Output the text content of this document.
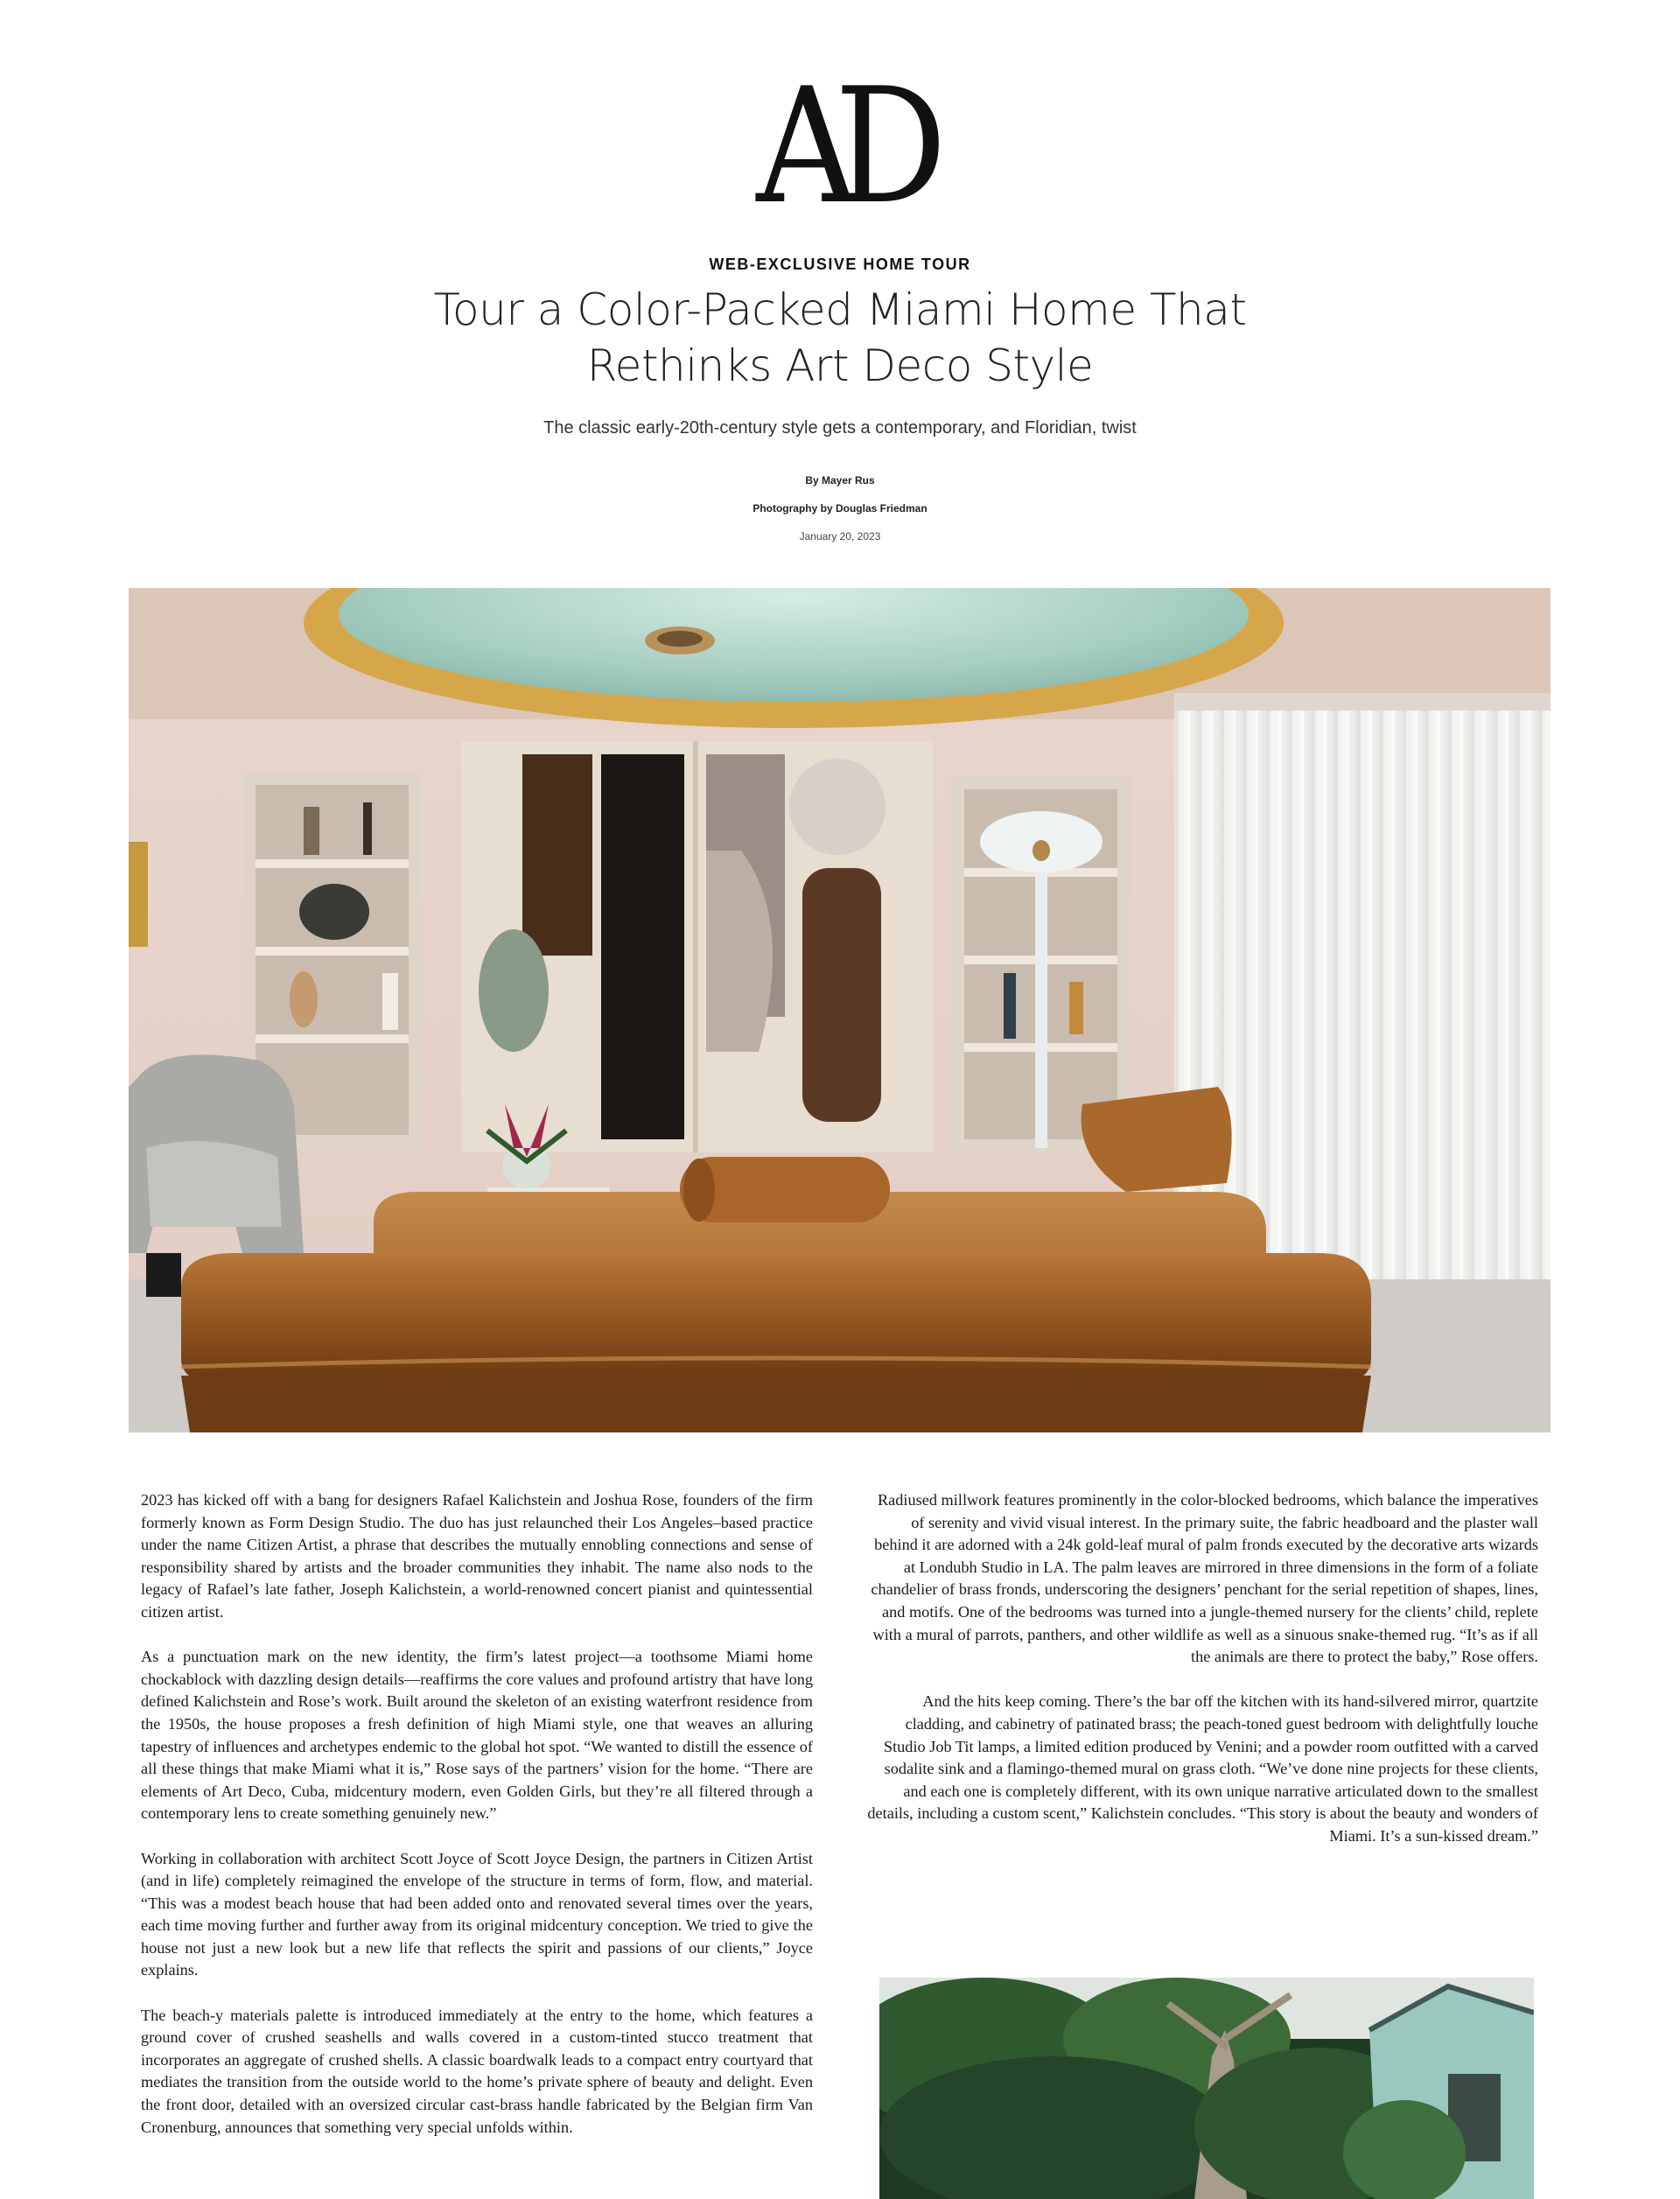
AD
WEB-EXCLUSIVE HOME TOUR
Tour a Color-Packed Miami Home That Rethinks Art Deco Style
The classic early-20th-century style gets a contemporary, and Floridian, twist
By Mayer Rus
Photography by Douglas Friedman
January 20, 2023

2023 has kicked off with a bang for designers Rafael Kalichstein and Joshua Rose, founders of the firm formerly known as Form Design Studio. The duo has just relaunched their Los Angeles–based practice under the name Citizen Artist, a phrase that describes the mutually ennobling connections and sense of responsibility shared by artists and the broader communities they inhabit. The name also nods to the legacy of Rafael’s late father, Joseph Kalichstein, a world-renowned concert pianist and quintessential citizen artist.

As a punctuation mark on the new identity, the firm’s latest project—a toothsome Miami home chockablock with dazzling design details—reaffirms the core values and profound artistry that have long defined Kalichstein and Rose’s work. Built around the skeleton of an existing waterfront residence from the 1950s, the house proposes a fresh definition of high Miami style, one that weaves an alluring tapestry of influences and archetypes endemic to the global hot spot. “We wanted to distill the essence of all these things that make Miami what it is,” Rose says of the partners’ vision for the home. “There are elements of Art Deco, Cuba, midcentury modern, even Golden Girls, but they’re all filtered through a contemporary lens to create something genuinely new.”

Working in collaboration with architect Scott Joyce of Scott Joyce Design, the partners in Citizen Artist (and in life) completely reimagined the envelope of the structure in terms of form, flow, and material. “This was a modest beach house that had been added onto and renovated several times over the years, each time moving further and further away from its original midcentury conception. We tried to give the house not just a new look but a new life that reflects the spirit and passions of our clients,” Joyce explains.

The beach-y materials palette is introduced immediately at the entry to the home, which features a ground cover of crushed seashells and walls covered in a custom-tinted stucco treatment that incorporates an aggregate of crushed shells. A classic boardwalk leads to a compact entry courtyard that mediates the transition from the outside world to the home’s private sphere of beauty and delight. Even the front door, detailed with an oversized circular cast-brass handle fabricated by the Belgian firm Van Cronenburg, announces that something very special unfolds within.

Radiused millwork features prominently in the color-blocked bedrooms, which balance the imperatives of serenity and vivid visual interest. In the primary suite, the fabric headboard and the plaster wall behind it are adorned with a 24k gold-leaf mural of palm fronds executed by the decorative arts wizards at Londubh Studio in LA. The palm leaves are mirrored in three dimensions in the form of a foliate chandelier of brass fronds, underscoring the designers’ penchant for the serial repetition of shapes, lines, and motifs. One of the bedrooms was turned into a jungle-themed nursery for the clients’ child, replete with a mural of parrots, panthers, and other wildlife as well as a sinuous snake-themed rug. “It’s as if all the animals are there to protect the baby,” Rose offers.

And the hits keep coming. There’s the bar off the kitchen with its hand-silvered mirror, quartzite cladding, and cabinetry of patinated brass; the peach-toned guest bedroom with delightfully louche Studio Job Tit lamps, a limited edition produced by Venini; and a powder room outfitted with a carved sodalite sink and a flamingo-themed mural on grass cloth. “We’ve done nine projects for these clients, and each one is completely different, with its own unique narrative articulated down to the smallest details, including a custom scent,” Kalichstein concludes. “This story is about the beauty and wonders of Miami. It’s a sun-kissed dream.”
